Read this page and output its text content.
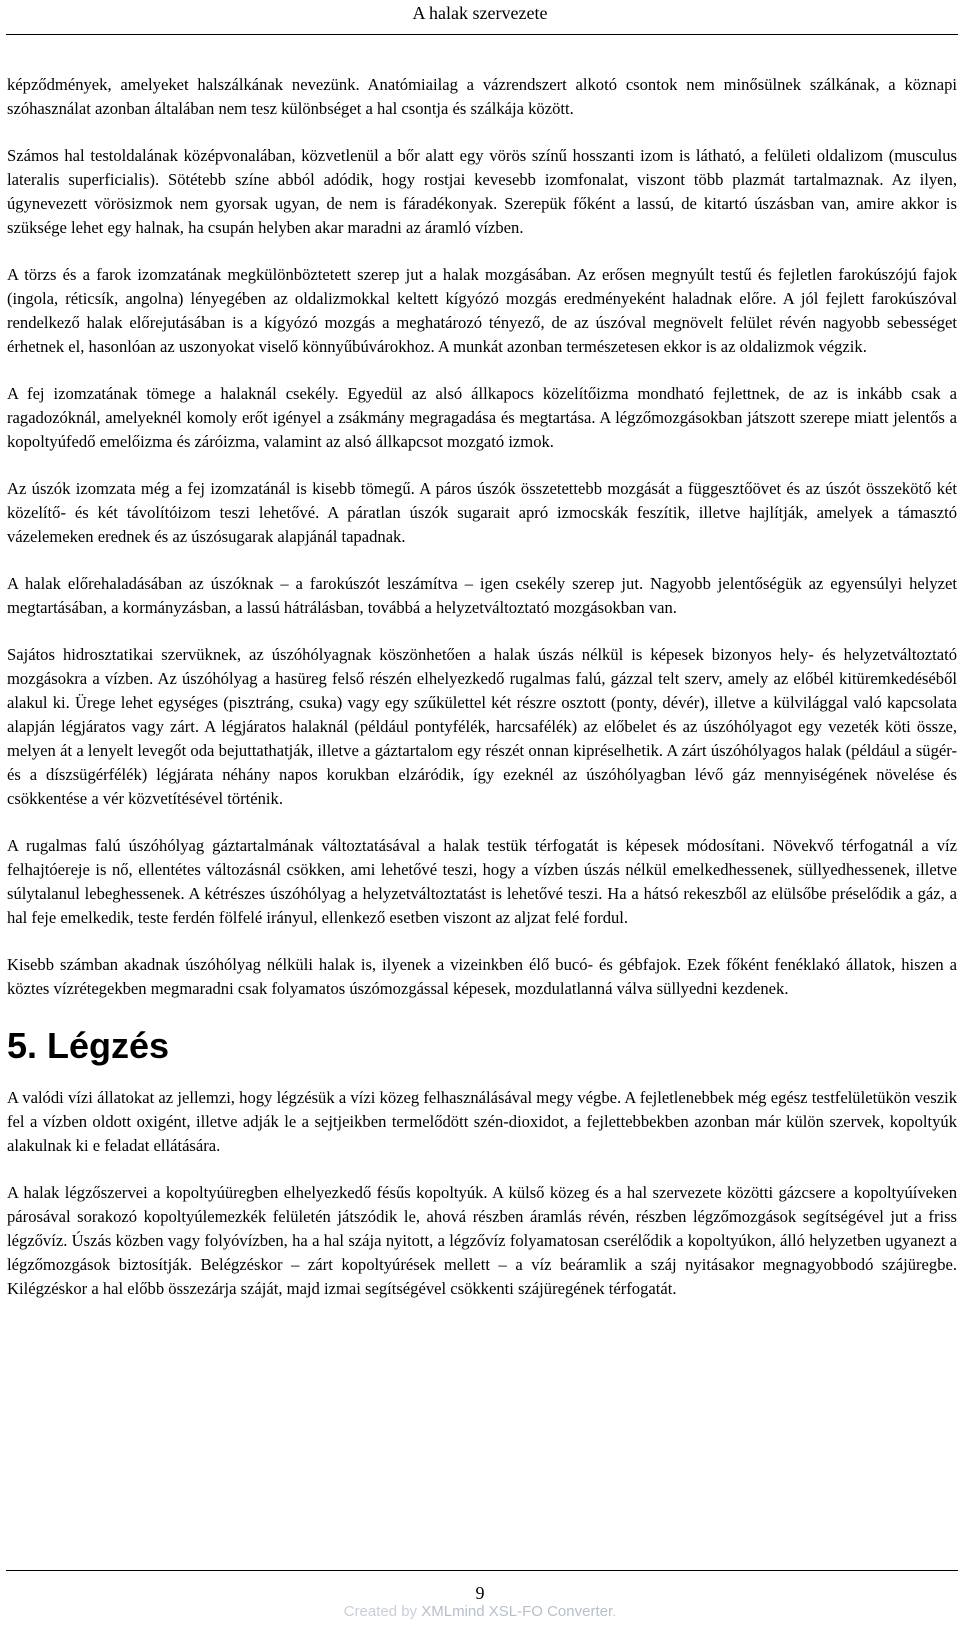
A halak szervezete

képződmények, amelyeket halszálkának nevezünk. Anatómiailag a vázrendszert alkotó csontok nem minősülnek szálkának, a köznapi szóhasználat azonban általában nem tesz különbséget a hal csontja és szálkája között.

Számos hal testoldalának középvonalában, közvetlenül a bőr alatt egy vörös színű hosszanti izom is látható, a felületi oldalizom (musculus lateralis superficialis). Sötétebb színe abból adódik, hogy rostjai kevesebb izomfonalat, viszont több plazmát tartalmaznak. Az ilyen, úgynevezett vörösizmok nem gyorsak ugyan, de nem is fáradékonyak. Szerepük főként a lassú, de kitartó úszásban van, amire akkor is szüksége lehet egy halnak, ha csupán helyben akar maradni az áramló vízben.

A törzs és a farok izomzatának megkülönböztetett szerep jut a halak mozgásában. Az erősen megnyúlt testű és fejletlen farokúszójú fajok (ingola, réticsík, angolna) lényegében az oldalizmokkal keltett kígyózó mozgás eredményeként haladnak előre. A jól fejlett farokúszóval rendelkező halak előrejutásában is a kígyózó mozgás a meghatározó tényező, de az úszóval megnövelt felület révén nagyobb sebességet érhetnek el, hasonlóan az uszonyokat viselő könnyűbúvárokhoz. A munkát azonban természetesen ekkor is az oldalizmok végzik.

A fej izomzatának tömege a halaknál csekély. Egyedül az alsó állkapocs közelítőizma mondható fejlettnek, de az is inkább csak a ragadozóknál, amelyeknél komoly erőt igényel a zsákmány megragadása és megtartása. A légzőmozgásokban játszott szerepe miatt jelentős a kopoltyúfedő emelőizma és záróizma, valamint az alsó állkapcsot mozgató izmok.

Az úszók izomzata még a fej izomzatánál is kisebb tömegű. A páros úszók összetettebb mozgását a függesztőövet és az úszót összekötő két közelítő- és két távolítóizom teszi lehetővé. A páratlan úszók sugarait apró izmocskák feszítik, illetve hajlítják, amelyek a támasztó vázelemeken erednek és az úszósugarak alapjánál tapadnak.

A halak előrehaladásában az úszóknak – a farokúszót leszámítva – igen csekély szerep jut. Nagyobb jelentőségük az egyensúlyi helyzet megtartásában, a kormányzásban, a lassú hátrálásban, továbbá a helyzetváltoztató mozgásokban van.

Sajátos hidrosztatikai szervüknek, az úszóhólyagnak köszönhetően a halak úszás nélkül is képesek bizonyos hely- és helyzetváltoztató mozgásokra a vízben. Az úszóhólyag a hasüreg felső részén elhelyezkedő rugalmas falú, gázzal telt szerv, amely az előbél kitüremkedéséből alakul ki. Ürege lehet egységes (pisztráng, csuka) vagy egy szűkülettel két részre osztott (ponty, dévér), illetve a külvilággal való kapcsolata alapján légjáratos vagy zárt. A légjáratos halaknál (például pontyfélék, harcsafélék) az előbelet és az úszóhólyagot egy vezeték köti össze, melyen át a lenyelt levegőt oda bejuttathatják, illetve a gáztartalom egy részét onnan kipréselhetik. A zárt úszóhólyagos halak (például a sügér- és a díszsügérfélék) légjárata néhány napos korukban elzáródik, így ezeknél az úszóhólyagban lévő gáz mennyiségének növelése és csökkentése a vér közvetítésével történik.

A rugalmas falú úszóhólyag gáztartalmának változtatásával a halak testük térfogatát is képesek módosítani. Növekvő térfogatnál a víz felhajtóereje is nő, ellentétes változásnál csökken, ami lehetővé teszi, hogy a vízben úszás nélkül emelkedhessenek, süllyedhessenek, illetve súlytalanul lebeghessenek. A kétrészes úszóhólyag a helyzetváltoztatást is lehetővé teszi. Ha a hátsó rekeszből az elülsőbe préselődik a gáz, a hal feje emelkedik, teste ferdén fölfelé irányul, ellenkező esetben viszont az aljzat felé fordul.

Kisebb számban akadnak úszóhólyag nélküli halak is, ilyenek a vizeinkben élő bucó- és gébfajok. Ezek főként fenéklakó állatok, hiszen a köztes vízrétegekben megmaradni csak folyamatos úszómozgással képesek, mozdulatlanná válva süllyedni kezdenek.

5. Légzés

A valódi vízi állatokat az jellemzi, hogy légzésük a vízi közeg felhasználásával megy végbe. A fejletlenebbek még egész testfelületükön veszik fel a vízben oldott oxigént, illetve adják le a sejtjeikben termelődött szén-dioxidot, a fejlettebbekben azonban már külön szervek, kopoltyúk alakulnak ki e feladat ellátására.

A halak légzőszervei a kopoltyúüregben elhelyezkedő fésűs kopoltyúk. A külső közeg és a hal szervezete közötti gázcsere a kopoltyúíveken párosával sorakozó kopoltyúlemezkék felületén játszódik le, ahová részben áramlás révén, részben légzőmozgások segítségével jut a friss légzővíz. Úszás közben vagy folyóvízben, ha a hal szája nyitott, a légzővíz folyamatosan cserélődik a kopoltyúkon, álló helyzetben ugyanezt a légzőmozgások biztosítják. Belégzéskor – zárt kopoltyúrések mellett – a víz beáramlik a száj nyitásakor megnagyobbodó szájüregbe. Kilégzéskor a hal előbb összezárja száját, majd izmai segítségével csökkenti szájüregének térfogatát.

9
Created by XMLmind XSL-FO Converter.
